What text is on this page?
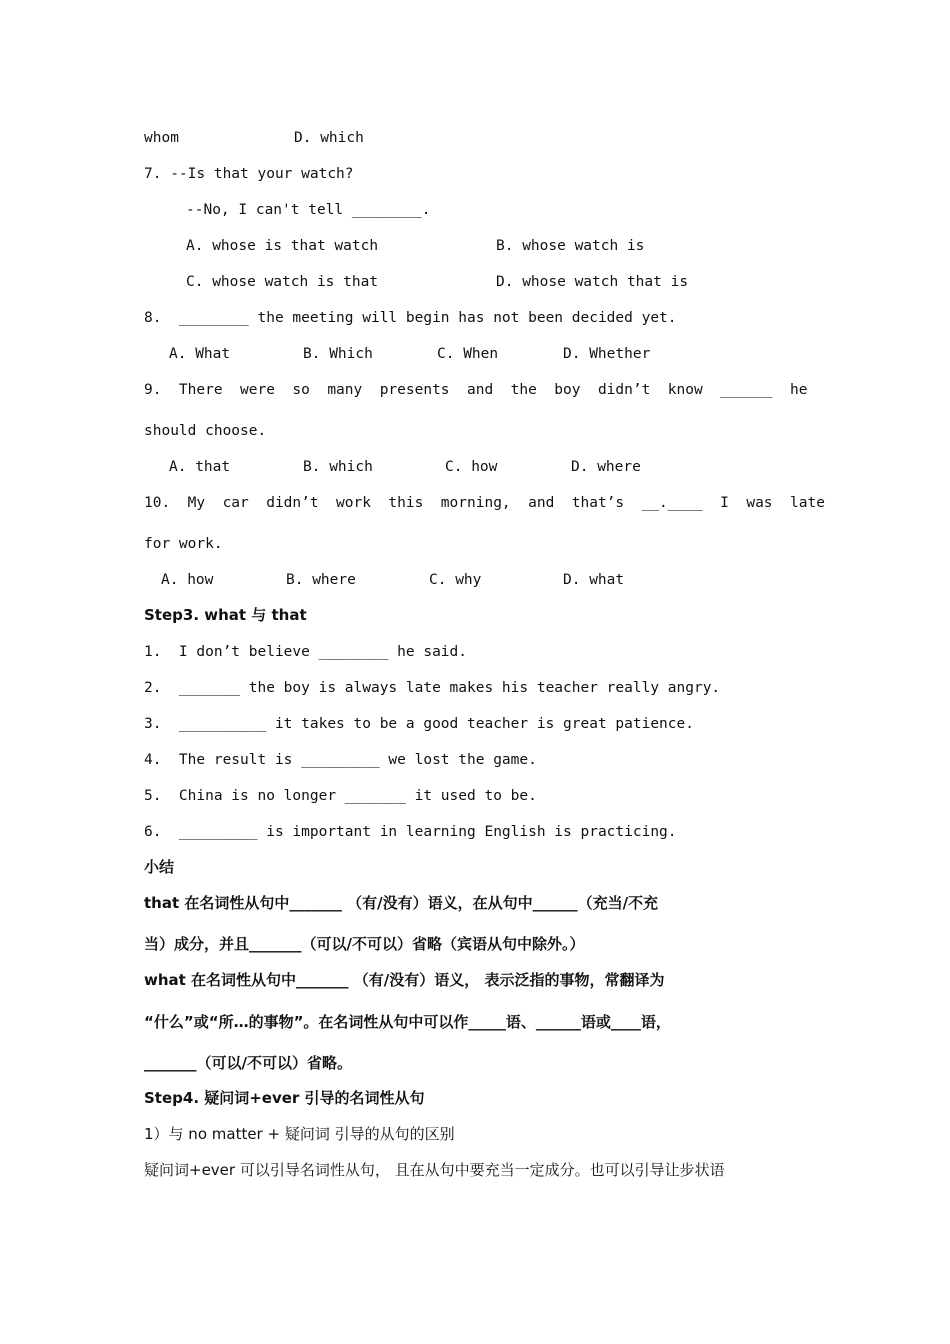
whom	D. which
7. --Is that your watch?
--No, I can't tell ________.
A. whose is that watch	B. whose watch is
C. whose watch is that	D. whose watch that is
8.  ________ the meeting will begin has not been decided yet.
A. What	B. Which	C. When	D. Whether
9.  There  were  so  many  presents  and  the  boy  didn’t  know  ______  he
should choose.
A. that	B. which	C. how	D. where
10.  My  car  didn’t  work  this  morning,  and  that’s  __.____  I  was  late
for work.
A. how	B. where	C. why	D. what
Step3. what 与 that
1.  I don’t believe ________ he said.
2.  _______ the boy is always late makes his teacher really angry.
3.  __________ it takes to be a good teacher is great patience.
4.  The result is _________ we lost the game.
5.  China is no longer _______ it used to be.
6.  _________ is important in learning English is practicing.
小结
that 在名词性从句中_______ （有/没有）语义，在从句中______（充当/不充
当）成分，并且_______（可以/不可以）省略（宾语从句中除外。）
what 在名词性从句中_______ （有/没有）语义， 表示泛指的事物，常翻译为
“什么”或“所…的事物”。在名词性从句中可以作_____语、______语或____语，
_______（可以/不可以）省略。
Step4. 疑问词+ever 引导的名词性从句
1）与 no matter + 疑问词 引导的从句的区别
疑问词+ever 可以引导名词性从句， 且在从句中要充当一定成分。也可以引导让步状语
